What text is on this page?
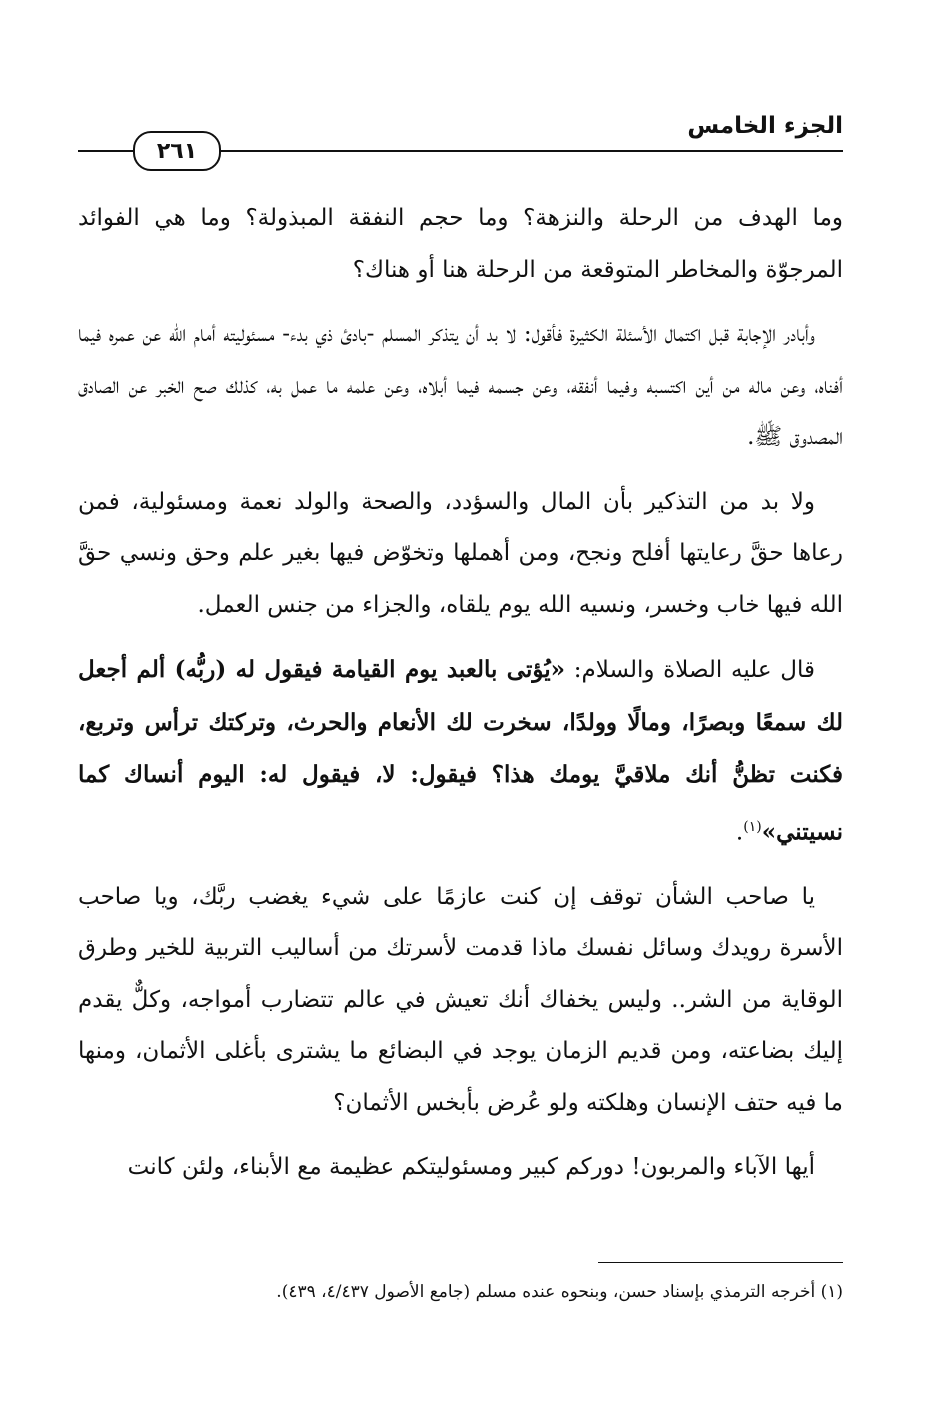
٢٦١
الجزء الخامس

وما الهدف من الرحلة والنزهة؟ وما حجم النفقة المبذولة؟ وما هي الفوائد المرجوّة والمخاطر المتوقعة من الرحلة هنا أو هناك؟

وأبادر الإجابة قبل اكتمال الأسئلة الكثيرة فأقول: لا بد أن يتذكر المسلم -بادئ ذي بدء- مسئوليته أمام الله عن عمره فيما أفناه، وعن ماله من أين اكتسبه وفيما أنفقه، وعن جسمه فيما أبلاه، وعن علمه ما عمل به، كذلك صح الخبر عن الصادق المصدوق ﷺ.

ولا بد من التذكير بأن المال والسؤدد، والصحة والولد نعمة ومسئولية، فمن رعاها حقَّ رعايتها أفلح ونجح، ومن أهملها وتخوّض فيها بغير علم وحق ونسي حقَّ الله فيها خاب وخسر، ونسيه الله يوم يلقاه، والجزاء من جنس العمل.

قال عليه الصلاة والسلام: «يُؤتى بالعبد يوم القيامة فيقول له (ربُّه) ألم أجعل لك سمعًا وبصرًا، ومالًا وولدًا، سخرت لك الأنعام والحرث، وتركتك ترأس وتربع، فكنت تظنُّ أنك ملاقيَّ يومك هذا؟ فيقول: لا، فيقول له: اليوم أنساك كما نسيتني»$^{(١)}$.

يا صاحب الشأن توقف إن كنت عازمًا على شيء يغضب ربَّك، ويا صاحب الأسرة رويدك وسائل نفسك ماذا قدمت لأسرتك من أساليب التربية للخير وطرق الوقاية من الشر.. وليس يخفاك أنك تعيش في عالم تتضارب أمواجه، وكلٌّ يقدم إليك بضاعته، ومن قديم الزمان يوجد في البضائع ما يشترى بأغلى الأثمان، ومنها ما فيه حتف الإنسان وهلكته ولو عُرض بأبخس الأثمان؟

أيها الآباء والمربون! دوركم كبير ومسئوليتكم عظيمة مع الأبناء، ولئن كانت

(١) أخرجه الترمذي بإسناد حسن، وبنحوه عنده مسلم (جامع الأصول ٤/٤٣٧، ٤٣٩).
